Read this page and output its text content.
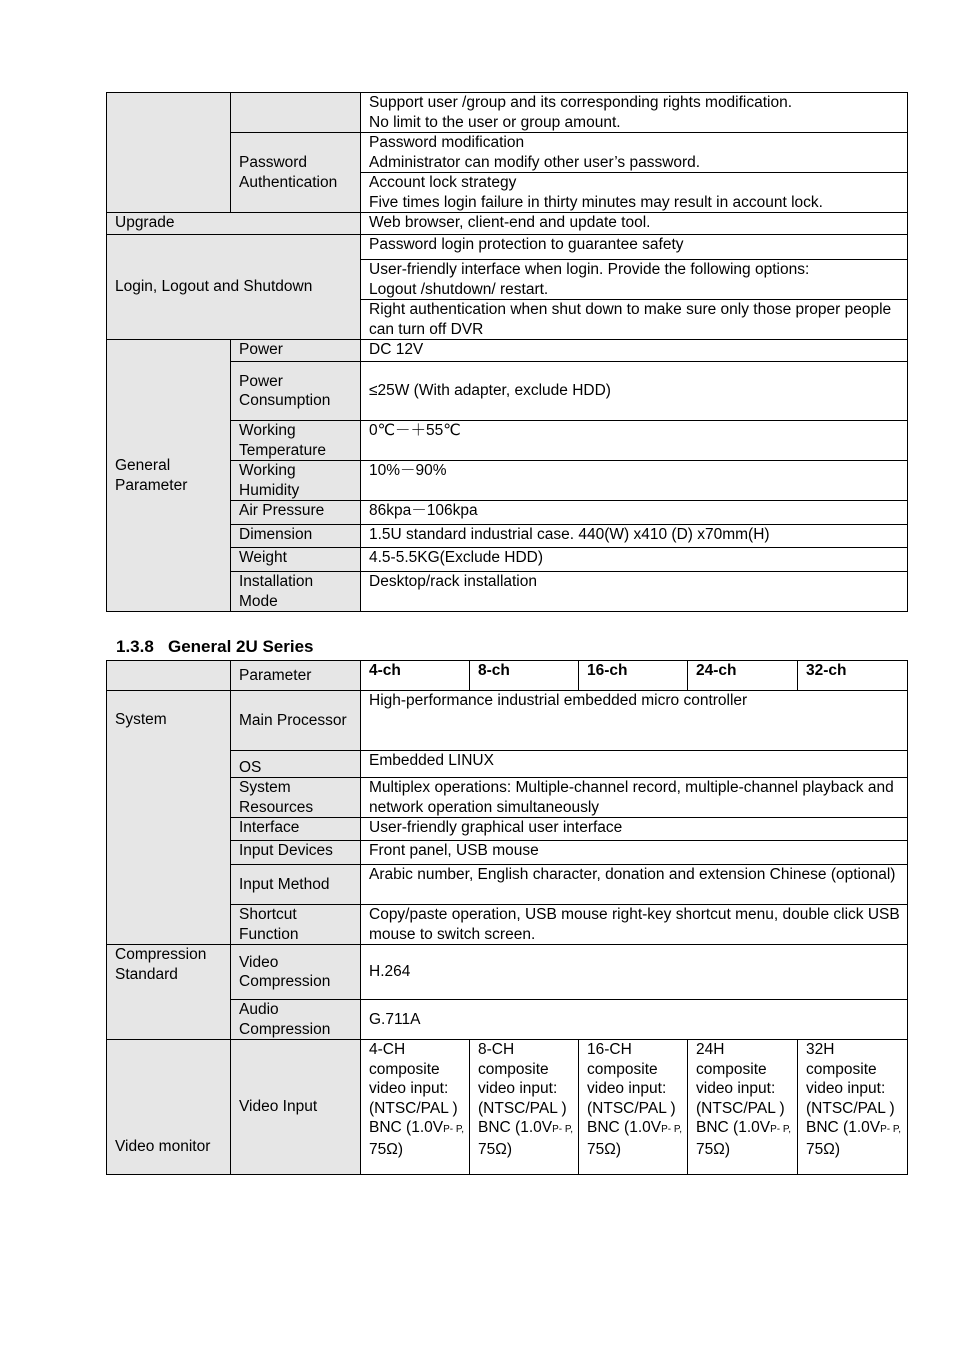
		Support user /group and its corresponding rights modification.
No limit to the user or group amount.
	Password Authentication	Password modification
Administrator can modify other user’s password.
		Account lock strategy
Five times login failure in thirty minutes may result in account lock.
Upgrade		Web browser, client-end and update tool.
Login, Logout and Shutdown		Password login protection to guarantee safety
		User-friendly interface when login. Provide the following options:
Logout /shutdown/ restart.
		Right authentication when shut down to make sure only those proper people can turn off DVR
General Parameter	Power	DC 12V
	Power Consumption	≤25W (With adapter, exclude HDD)
	Working Temperature	0℃－＋55℃
	Working Humidity	10%－90%
	Air Pressure	86kpa－106kpa
	Dimension	1.5U standard industrial case. 440(W) x410 (D) x70mm(H)
	Weight	4.5-5.5KG(Exclude HDD)
	Installation Mode	Desktop/rack installation
1.3.8   General 2U Series
	Parameter	4-ch	8-ch	16-ch	24-ch	32-ch
System	Main Processor	High-performance industrial embedded micro controller				
	OS	Embedded LINUX				
	System Resources	Multiplex operations: Multiple-channel record, multiple-channel playback and network operation simultaneously				
	Interface	User-friendly graphical user interface				
	Input Devices	Front panel, USB mouse				
	Input Method	Arabic number, English character, donation and extension Chinese (optional)				
	Shortcut Function	Copy/paste operation, USB mouse right-key shortcut menu, double click USB mouse to switch screen.				
Compression Standard	Video Compression	H.264				
	Audio Compression	G.711A				
Video monitor	Video Input	4-CH composite video input: (NTSC/PAL ) BNC (1.0VP- P,
75Ω)	8-CH composite video input: (NTSC/PAL ) BNC (1.0VP- P,
75Ω)	16-CH composite video input: (NTSC/PAL ) BNC (1.0VP- P,
75Ω)	24H composite video input: (NTSC/PAL ) BNC (1.0VP- P,
75Ω)	32H composite video input: (NTSC/PAL ) BNC (1.0VP- P,
75Ω)
